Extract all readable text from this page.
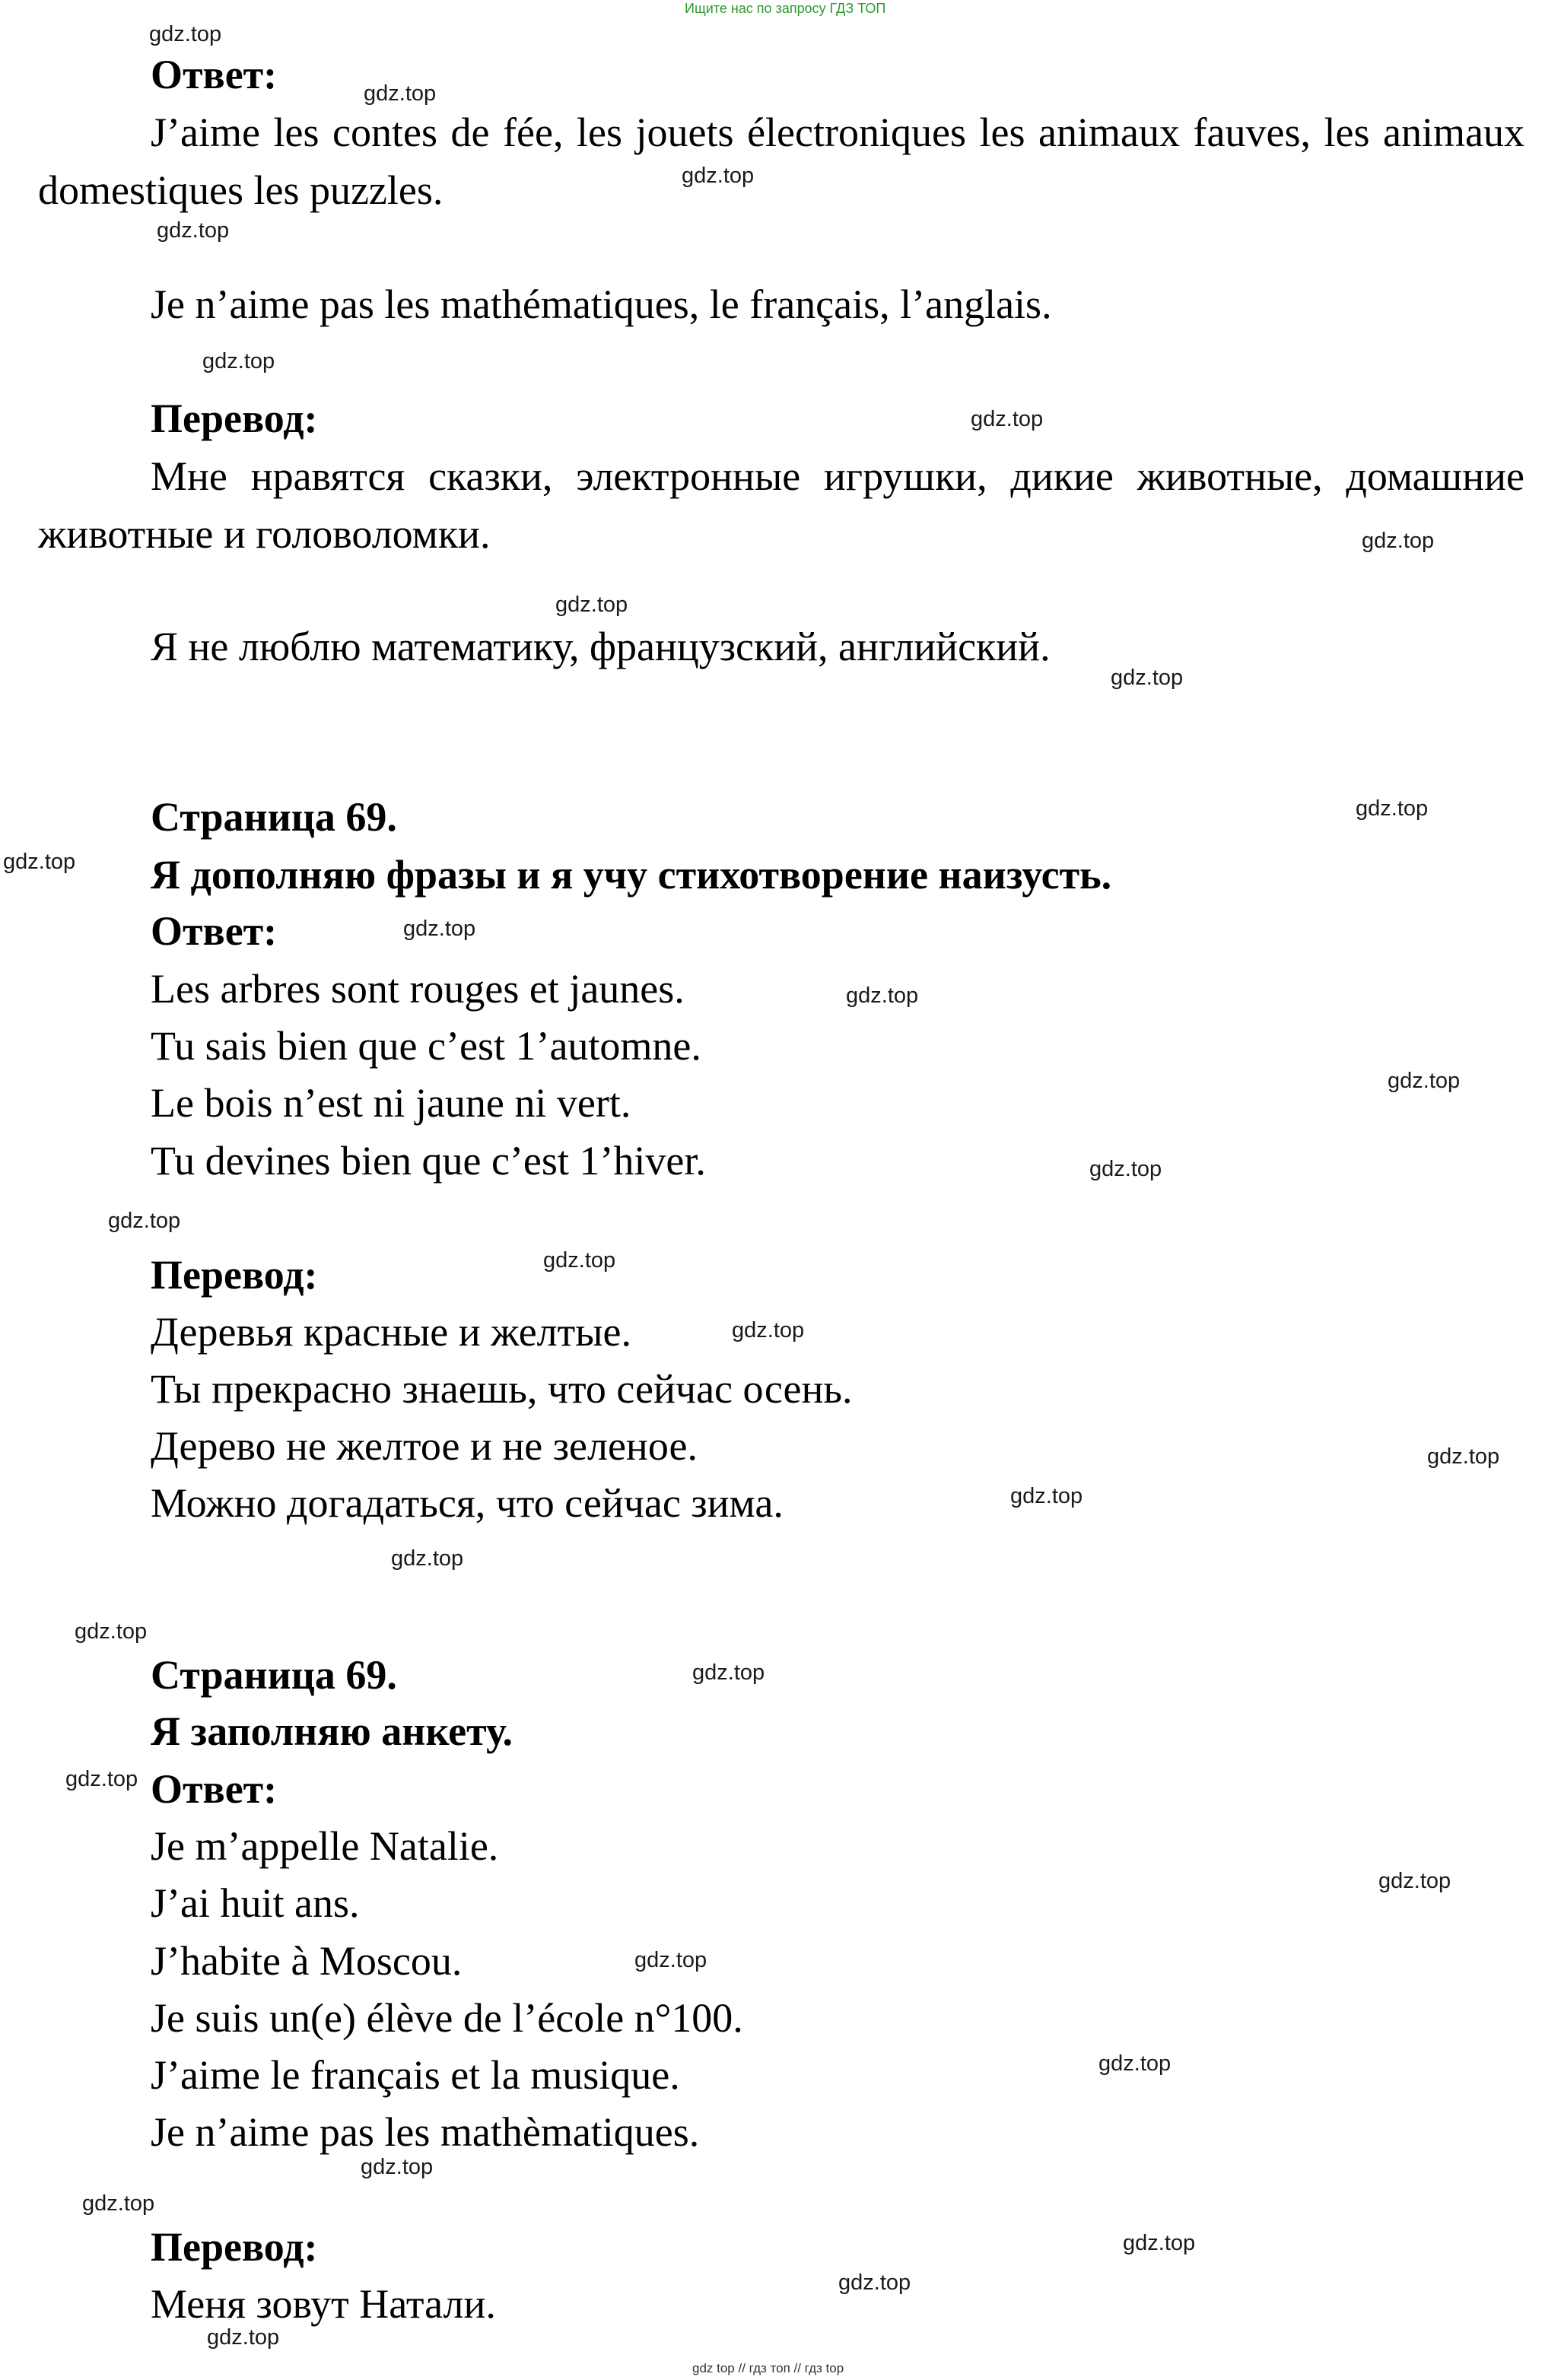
Ищите нас по запросу ГДЗ ТОП
Ответ:
J’aime les contes de fée, les jouets électroniques les animaux fauves, les animaux domestiques les puzzles.
Je n’aime pas les mathématiques, le français, l’anglais.
Перевод:
Мне нравятся сказки, электронные игрушки, дикие животные, домашние животные и головоломки.
Я не люблю математику, французский, английский.
Страница 69.
Я дополняю фразы и я учу стихотворение наизусть.
Ответ:
Les arbres sont rouges et jaunes.
Tu sais bien que c’est 1’automne.
Le bois n’est ni jaune ni vert.
Tu devines bien que c’est 1’hiver.
Перевод:
Деревья красные и желтые.
Ты прекрасно знаешь, что сейчас осень.
Дерево не желтое и не зеленое.
Можно догадаться, что сейчас зима.
Страница 69.
Я заполняю анкету.
Ответ:
Je m’appelle Natalie.
J’ai huit ans.
J’habite à Moscou.
Je suis un(e) élève de l’école n°100.
J’aime le français et la musique.
Je n’aime pas les mathèmatiques.
Перевод:
Меня зовут Натали.
gdz.top
gdz.top
gdz.top
gdz.top
gdz.top
gdz.top
gdz.top
gdz.top
gdz.top
gdz.top
gdz.top
gdz.top
gdz.top
gdz.top
gdz.top
gdz.top
gdz.top
gdz.top
gdz.top
gdz.top
gdz.top
gdz.top
gdz.top
gdz.top
gdz.top
gdz.top
gdz.top
gdz.top
gdz.top
gdz.top
gdz.top
gdz.top
gdz top // гдз топ // гдз top
